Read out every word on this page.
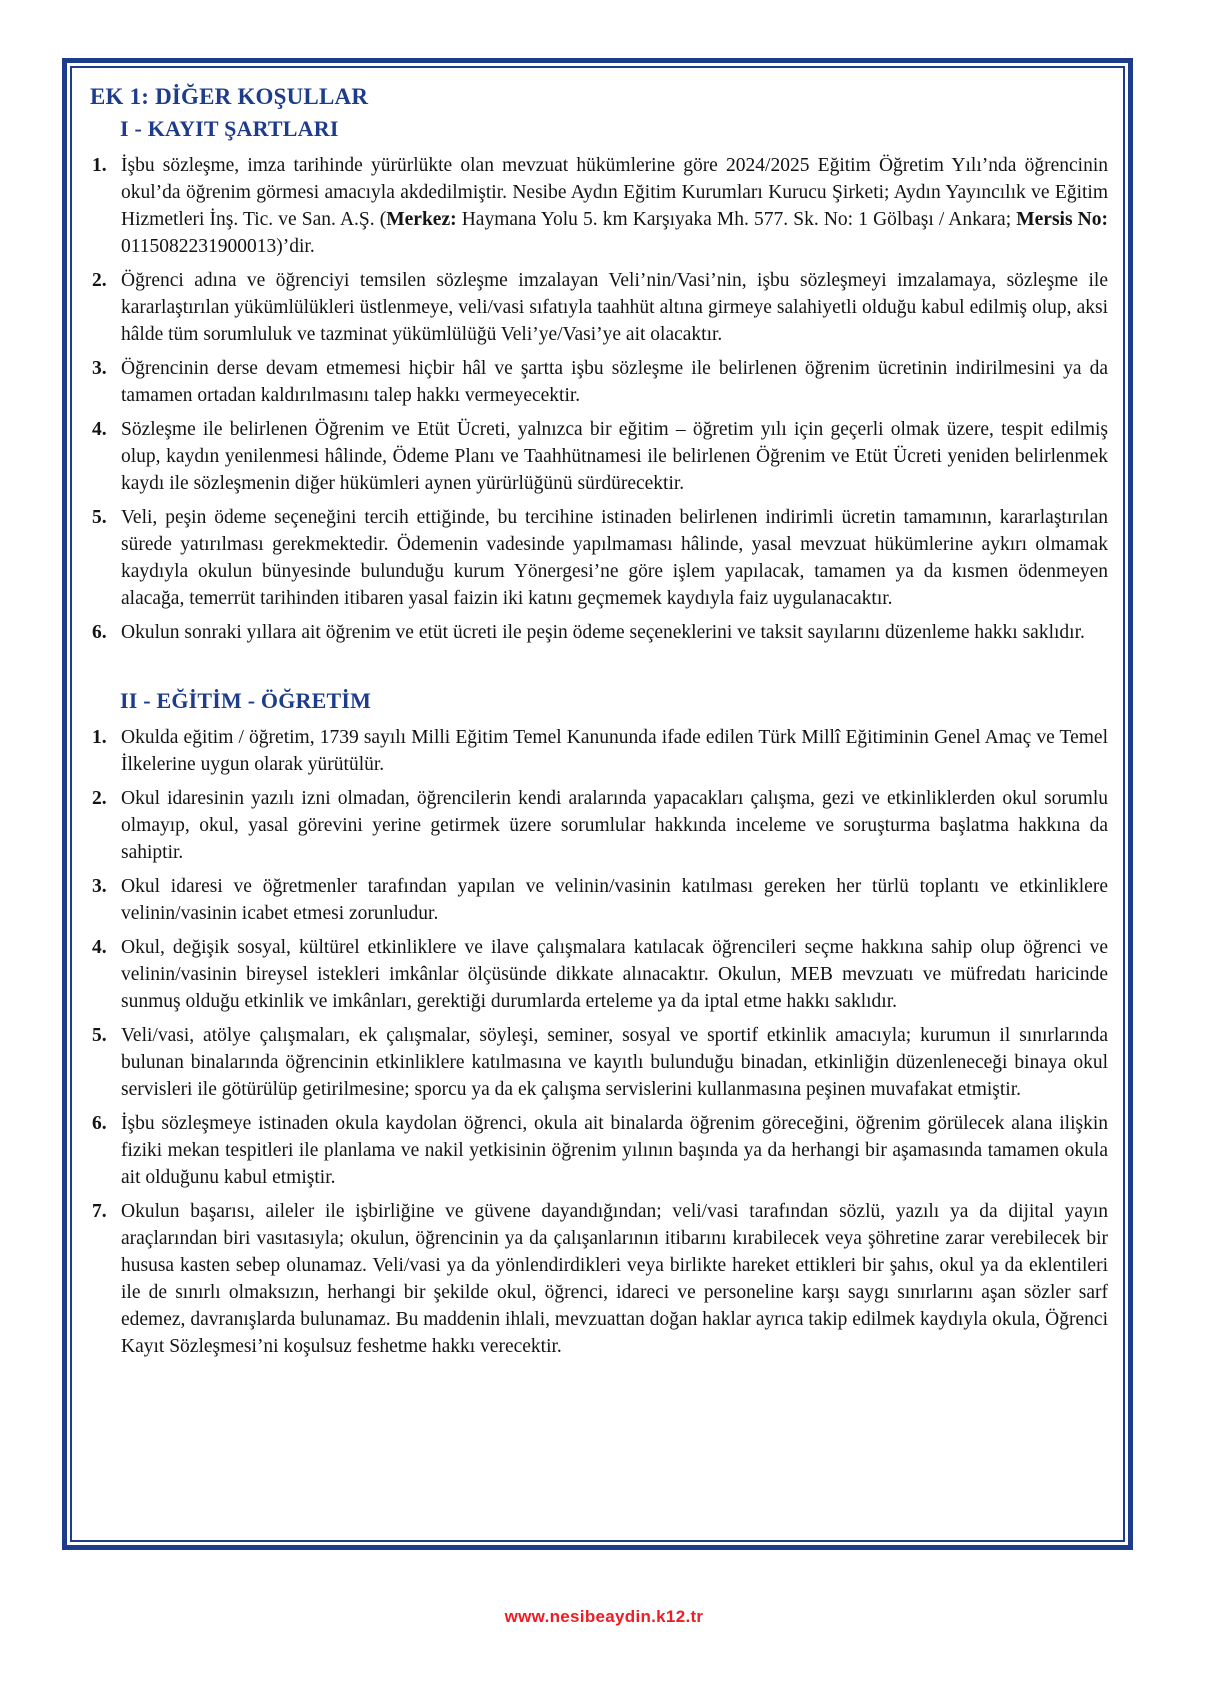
EK 1: DİĞER KOŞULLAR
I - KAYIT ŞARTLARI
1. İşbu sözleşme, imza tarihinde yürürlükte olan mevzuat hükümlerine göre 2024/2025 Eğitim Öğretim Yılı’nda öğrencinin okul’da öğrenim görmesi amacıyla akdedilmiştir. Nesibe Aydın Eğitim Kurumları Kurucu Şirketi; Aydın Yayıncılık ve Eğitim Hizmetleri İnş. Tic. ve San. A.Ş. (Merkez: Haymana Yolu 5. km Karşıyaka Mh. 577. Sk. No: 1 Gölbaşı / Ankara; Mersis No: 0115082231900013)’dir.
2. Öğrenci adına ve öğrenciyi temsilen sözleşme imzalayan Veli’nin/Vasi’nin, işbu sözleşmeyi imzalamaya, sözleşme ile kararlaştırılan yükümlülükleri üstlenmeye, veli/vasi sıfatıyla taahhüt altına girmeye salahiyetli olduğu kabul edilmiş olup, aksi hâlde tüm sorumluluk ve tazminat yükümlülüğü Veli’ye/Vasi’ye ait olacaktır.
3. Öğrencinin derse devam etmemesi hiçbir hâl ve şartta işbu sözleşme ile belirlenen öğrenim ücretinin indirilmesini ya da tamamen ortadan kaldırılmasını talep hakkı vermeyecektir.
4. Sözleşme ile belirlenen Öğrenim ve Etüt Ücreti, yalnızca bir eğitim – öğretim yılı için geçerli olmak üzere, tespit edilmiş olup, kaydın yenilenmesi hâlinde, Ödeme Planı ve Taahhütnamesi ile belirlenen Öğrenim ve Etüt Ücreti yeniden belirlenmek kaydı ile sözleşmenin diğer hükümleri aynen yürürlüğünü sürdürecektir.
5. Veli, peşin ödeme seçeneğini tercih ettiğinde, bu tercihine istinaden belirlenen indirimli ücretin tamamının, kararlaştırılan sürede yatırılması gerekmektedir. Ödemenin vadesinde yapılmaması hâlinde, yasal mevzuat hükümlerine aykırı olmamak kaydıyla okulun bünyesinde bulunduğu kurum Yönergesi’ne göre işlem yapılacak, tamamen ya da kısmen ödenmeyen alacağa, temerrüt tarihinden itibaren yasal faizin iki katını geçmemek kaydıyla faiz uygulanacaktır.
6. Okulun sonraki yıllara ait öğrenim ve etüt ücreti ile peşin ödeme seçeneklerini ve taksit sayılarını düzenleme hakkı saklıdır.
II - EĞİTİM - ÖĞRETİM
1. Okulda eğitim / öğretim, 1739 sayılı Milli Eğitim Temel Kanununda ifade edilen Türk Millî Eğitiminin Genel Amaç ve Temel İlkelerine uygun olarak yürütülür.
2. Okul idaresinin yazılı izni olmadan, öğrencilerin kendi aralarında yapacakları çalışma, gezi ve etkinliklerden okul sorumlu olmayıp, okul, yasal görevini yerine getirmek üzere sorumlular hakkında inceleme ve soruşturma başlatma hakkına da sahiptir.
3. Okul idaresi ve öğretmenler tarafından yapılan ve velinin/vasinin katılması gereken her türlü toplantı ve etkinliklere velinin/vasinin icabet etmesi zorunludur.
4. Okul, değişik sosyal, kültürel etkinliklere ve ilave çalışmalara katılacak öğrencileri seçme hakkına sahip olup öğrenci ve velinin/vasinin bireysel istekleri imkânlar ölçüsünde dikkate alınacaktır. Okulun, MEB mevzuatı ve müfredatı haricinde sunmuş olduğu etkinlik ve imkânları, gerektiği durumlarda erteleme ya da iptal etme hakkı saklıdır.
5. Veli/vasi, atölye çalışmaları, ek çalışmalar, söyleşi, seminer, sosyal ve sportif etkinlik amacıyla; kurumun il sınırlarında bulunan binalarında öğrencinin etkinliklere katılmasına ve kayıtlı bulunduğu binadan, etkinliğin düzenleneceği binaya okul servisleri ile götürülüp getirilmesine; sporcu ya da ek çalışma servislerini kullanmasına peşinen muvafakat etmiştir.
6. İşbu sözleşmeye istinaden okula kaydolan öğrenci, okula ait binalarda öğrenim göreceğini, öğrenim görülecek alana ilişkin fiziki mekan tespitleri ile planlama ve nakil yetkisinin öğrenim yılının başında ya da herhangi bir aşamasında tamamen okula ait olduğunu kabul etmiştir.
7. Okulun başarısı, aileler ile işbirliğine ve güvene dayandığından; veli/vasi tarafından sözlü, yazılı ya da dijital yayın araçlarından biri vasıtasıyla; okulun, öğrencinin ya da çalışanlarının itibarını kırabilecek veya şöhretine zarar verebilecek bir hususa kasten sebep olunamaz. Veli/vasi ya da yönlendirdikleri veya birlikte hareket ettikleri bir şahıs, okul ya da eklentileri ile de sınırlı olmaksızın, herhangi bir şekilde okul, öğrenci, idareci ve personeline karşı saygı sınırlarını aşan sözler sarf edemez, davranışlarda bulunamaz. Bu maddenin ihlali, mevzuattan doğan haklar ayrıca takip edilmek kaydıyla okula, Öğrenci Kayıt Sözleşmesi’ni koşulsuz feshetme hakkı verecektir.
www.nesibeaydin.k12.tr
